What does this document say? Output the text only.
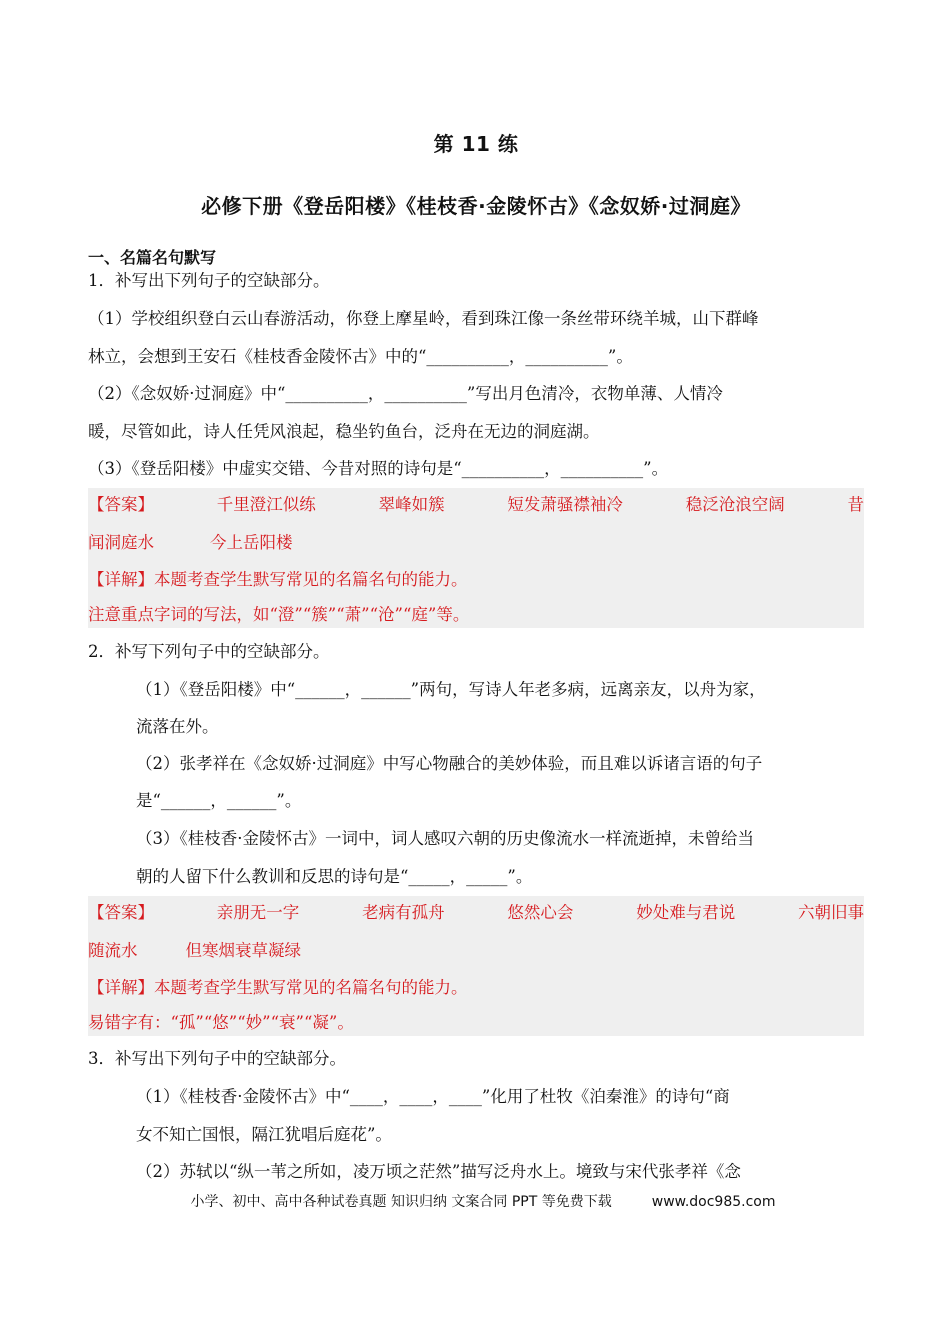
第 11 练
必修下册《登岳阳楼》《桂枝香·金陵怀古》《念奴娇·过洞庭》
一、名篇名句默写
1．补写出下列句子的空缺部分。
（1）学校组织登白云山春游活动，你登上摩星岭，看到珠江像一条丝带环绕羊城，山下群峰
林立，会想到王安石《桂枝香金陵怀古》中的“__________，__________”。
（2）《念奴娇·过洞庭》中“__________，__________”写出月色清冷，衣物单薄、人情冷
暖，尽管如此，诗人任凭风浪起，稳坐钓鱼台，泛舟在无边的洞庭湖。
（3）《登岳阳楼》中虚实交错、今昔对照的诗句是“__________，__________”。
【答案】	千里澄江似练	翠峰如簇	短发萧骚襟袖冷	稳泛沧浪空阔	昔
闻洞庭水	今上岳阳楼
【详解】本题考查学生默写常见的名篇名句的能力。
注意重点字词的写法，如“澄”“簇”“萧”“沧”“庭”等。
2．补写下列句子中的空缺部分。
（1）《登岳阳楼》中“______，______”两句，写诗人年老多病，远离亲友，以舟为家，
流落在外。
（2）张孝祥在《念奴娇·过洞庭》中写心物融合的美妙体验，而且难以诉诸言语的句子
是“______，______”。
（3）《桂枝香·金陵怀古》一词中，词人感叹六朝的历史像流水一样流逝掉，未曾给当
朝的人留下什么教训和反思的诗句是“_____，_____”。
【答案】	亲朋无一字	老病有孤舟	悠然心会	妙处难与君说	六朝旧事
随流水	但寒烟衰草凝绿
【详解】本题考查学生默写常见的名篇名句的能力。
易错字有：“孤”“悠”“妙”“衰”“凝”。
3．补写出下列句子中的空缺部分。
（1）《桂枝香·金陵怀古》中“____，____，____”化用了杜牧《泊秦淮》的诗句“商
女不知亡国恨，隔江犹唱后庭花”。
（2）苏轼以“纵一苇之所如，凌万顷之茫然”描写泛舟水上。境致与宋代张孝祥《念
小学、初中、高中各种试卷真题 知识归纳 文案合同 PPT 等免费下载	www.doc985.com
